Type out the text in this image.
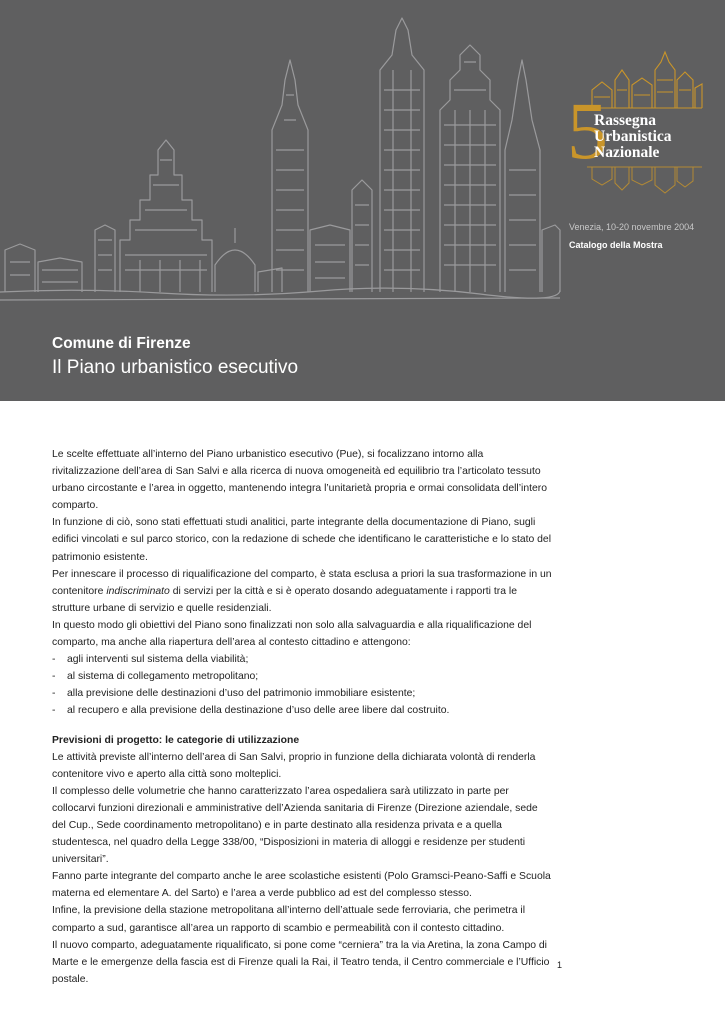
5
Rassegna
Urbanistica
Nazionale
Venezia, 10-20 novembre 2004
Catalogo della Mostra
Comune di Firenze
Il Piano urbanistico esecutivo

Le scelte effettuate all’interno del Piano urbanistico esecutivo (Pue), si focalizzano intorno alla rivitalizzazione dell’area di San Salvi e alla ricerca di nuova omogeneità ed equilibrio tra l’articolato tessuto urbano circostante e l’area in oggetto, mantenendo integra l’unitarietà propria e ormai consolidata dell’intero comparto.

In funzione di ciò, sono stati effettuati studi analitici, parte integrante della documentazione di Piano, sugli edifici vincolati e sul parco storico, con la redazione di schede che identificano le caratteristiche e lo stato del patrimonio esistente.

Per innescare il processo di riqualificazione del comparto, è stata esclusa a priori la sua trasformazione in un contenitore indiscriminato di servizi per la città e si è operato dosando adeguatamente i rapporti tra le strutture urbane di servizio e quelle residenziali.

In questo modo gli obiettivi del Piano sono finalizzati non solo alla salvaguardia e alla riqualificazione del comparto, ma anche alla riapertura dell’area al contesto cittadino e attengono:

-	agli interventi sul sistema della viabilità;
-	al sistema di collegamento metropolitano;
-	alla previsione delle destinazioni d’uso del patrimonio immobiliare esistente;
-	al recupero e alla previsione della destinazione d’uso delle aree libere dal costruito.

Previsioni di progetto: le categorie di utilizzazione

Le attività previste all’interno dell’area di San Salvi, proprio in funzione della dichiarata volontà di renderla contenitore vivo e aperto alla città sono molteplici.

Il complesso delle volumetrie che hanno caratterizzato l’area ospedaliera sarà utilizzato in parte per collocarvi funzioni direzionali e amministrative dell’Azienda sanitaria di Firenze (Direzione aziendale, sede del Cup., Sede coordinamento metropolitano) e in parte destinato alla residenza privata e a quella studentesca, nel quadro della Legge 338/00, “Disposizioni in materia di alloggi e residenze per studenti universitari”.

Fanno parte integrante del comparto anche le aree scolastiche esistenti (Polo Gramsci-Peano-Saffi e Scuola materna ed elementare A. del Sarto) e l’area a verde pubblico ad est del complesso stesso.

Infine, la previsione della stazione metropolitana all’interno dell’attuale sede ferroviaria, che perimetra il comparto a sud, garantisce all’area un rapporto di scambio e permeabilità con il contesto cittadino.

Il nuovo comparto, adeguatamente riqualificato, si pone come “cerniera” tra la via Aretina, la zona Campo di Marte e le emergenze della fascia est di Firenze quali la Rai, il Teatro tenda, il Centro commerciale e l’Ufficio postale.

1
